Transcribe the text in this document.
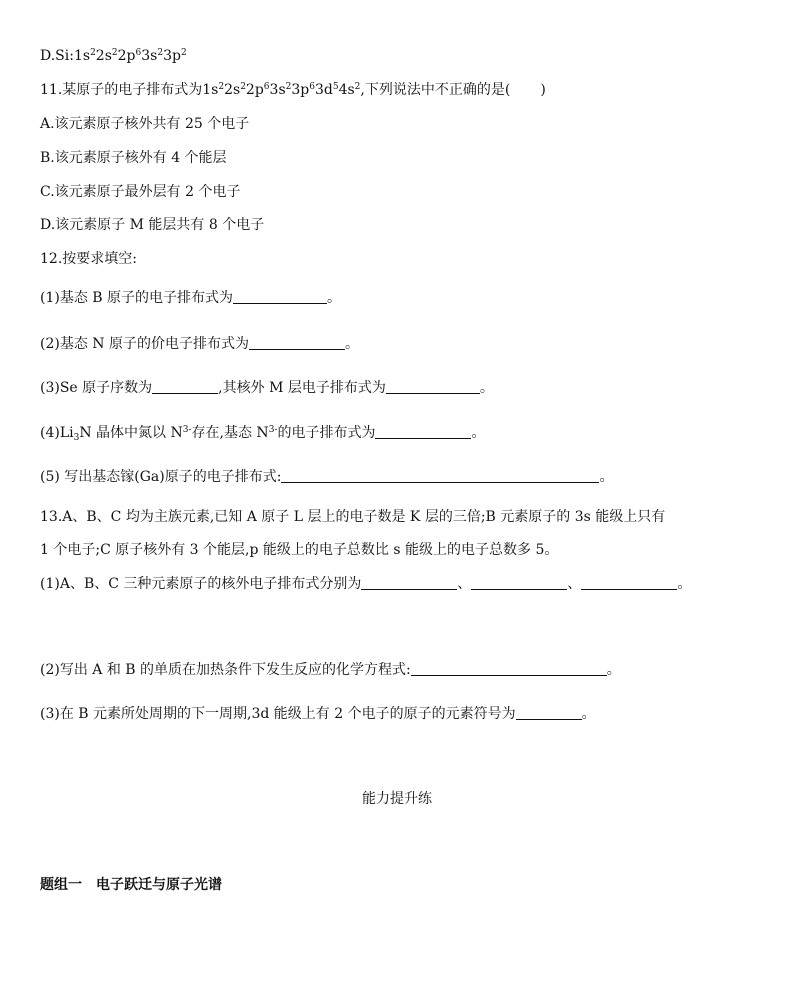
$D.Si:1s^22s^22p^63s^23p^2$
11.某原子的电子排布式为$1s^22s^22p^63s^23p^63d^54s^2$,下列说法中不正确的是( )
A.该元素原子核外共有 25 个电子
B.该元素原子核外有 4 个能层
C.该元素原子最外层有 2 个电子
D.该元素原子 M 能层共有 8 个电子
12.按要求填空:
(1)基态 B 原子的电子排布式为	。
(2)基态 N 原子的价电子排布式为	。
(3)Se 原子序数为	,其核外 M 层电子排布式为	。
$(4)Li_3N$ 晶体中氮以 $N^{3-}$存在,基态 $N^{3-}$的电子排布式为	。
(5) 写出基态镓(Ga)原子的电子排布式:	。
13.A、B、C 均为主族元素,已知 A 原子 L 层上的电子数是 K 层的三倍;B 元素原子的 3s 能级上只有
1 个电子;C 原子核外有 3 个能层,p 能级上的电子总数比 s 能级上的电子总数多 5。
(1)A、B、C 三种元素原子的核外电子排布式分别为	、	、	。
(2)写出 A 和 B 的单质在加热条件下发生反应的化学方程式:	。
(3)在 B 元素所处周期的下一周期,3d 能级上有 2 个电子的原子的元素符号为	。
能力提升练
题组一 电子跃迁与原子光谱
